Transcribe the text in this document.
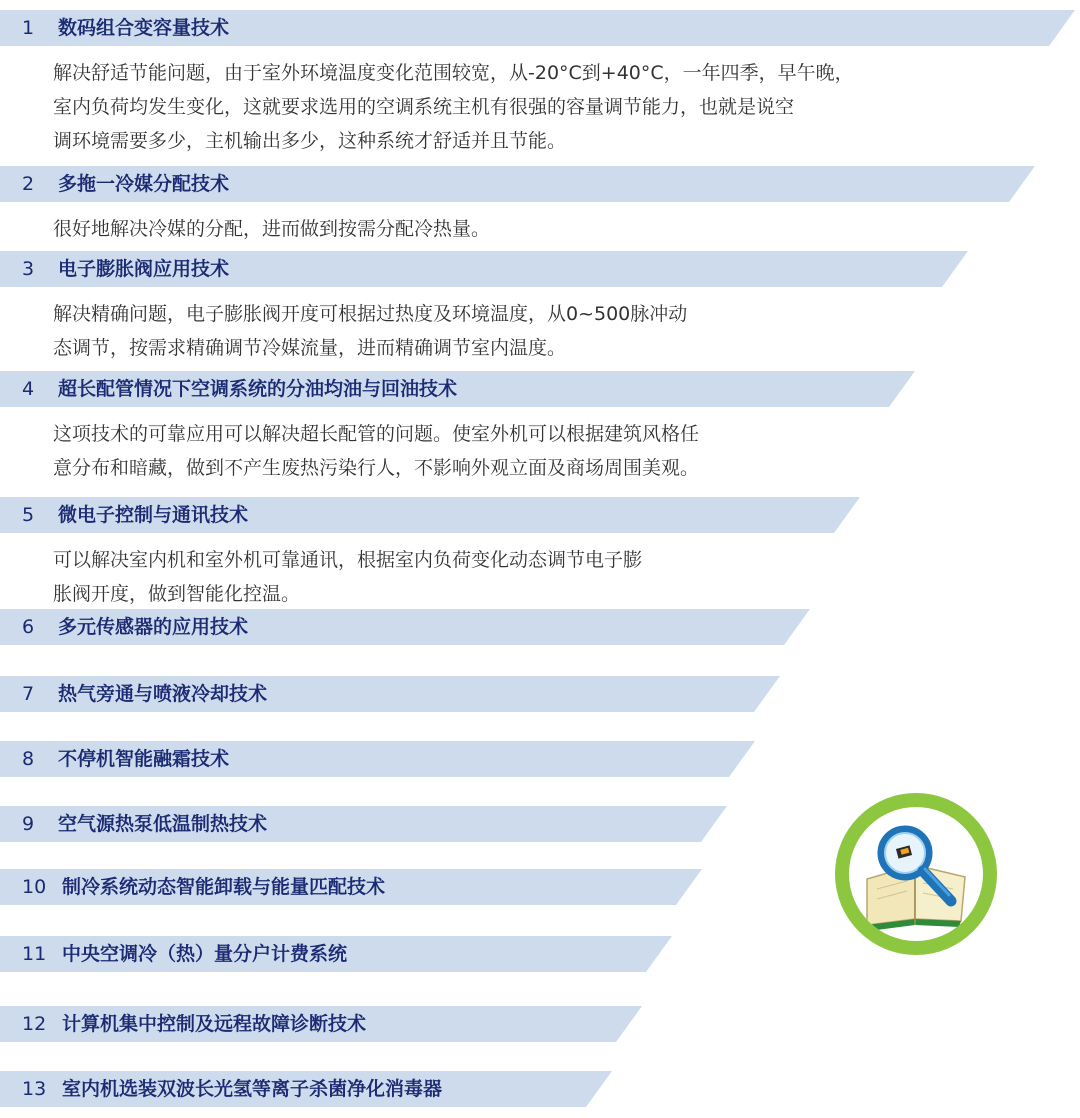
1 数码组合变容量技术
解决舒适节能问题，由于室外环境温度变化范围较宽，从-20°C到+40°C，一年四季，早午晚，
室内负荷均发生变化，这就要求选用的空调系统主机有很强的容量调节能力，也就是说空
调环境需要多少，主机输出多少，这种系统才舒适并且节能。
2 多拖一冷媒分配技术
很好地解决冷媒的分配，进而做到按需分配冷热量。
3 电子膨胀阀应用技术
解决精确问题，电子膨胀阀开度可根据过热度及环境温度，从0~500脉冲动
态调节，按需求精确调节冷媒流量，进而精确调节室内温度。
4 超长配管情况下空调系统的分油均油与回油技术
这项技术的可靠应用可以解决超长配管的问题。使室外机可以根据建筑风格任
意分布和暗藏，做到不产生废热污染行人，不影响外观立面及商场周围美观。
5 微电子控制与通讯技术
可以解决室内机和室外机可靠通讯，根据室内负荷变化动态调节电子膨
胀阀开度，做到智能化控温。
6 多元传感器的应用技术
7 热气旁通与喷液冷却技术
8 不停机智能融霜技术
9 空气源热泵低温制热技术
10 制冷系统动态智能卸载与能量匹配技术
11 中央空调冷（热）量分户计费系统
12 计算机集中控制及远程故障诊断技术
13 室内机选装双波长光氢等离子杀菌净化消毒器
